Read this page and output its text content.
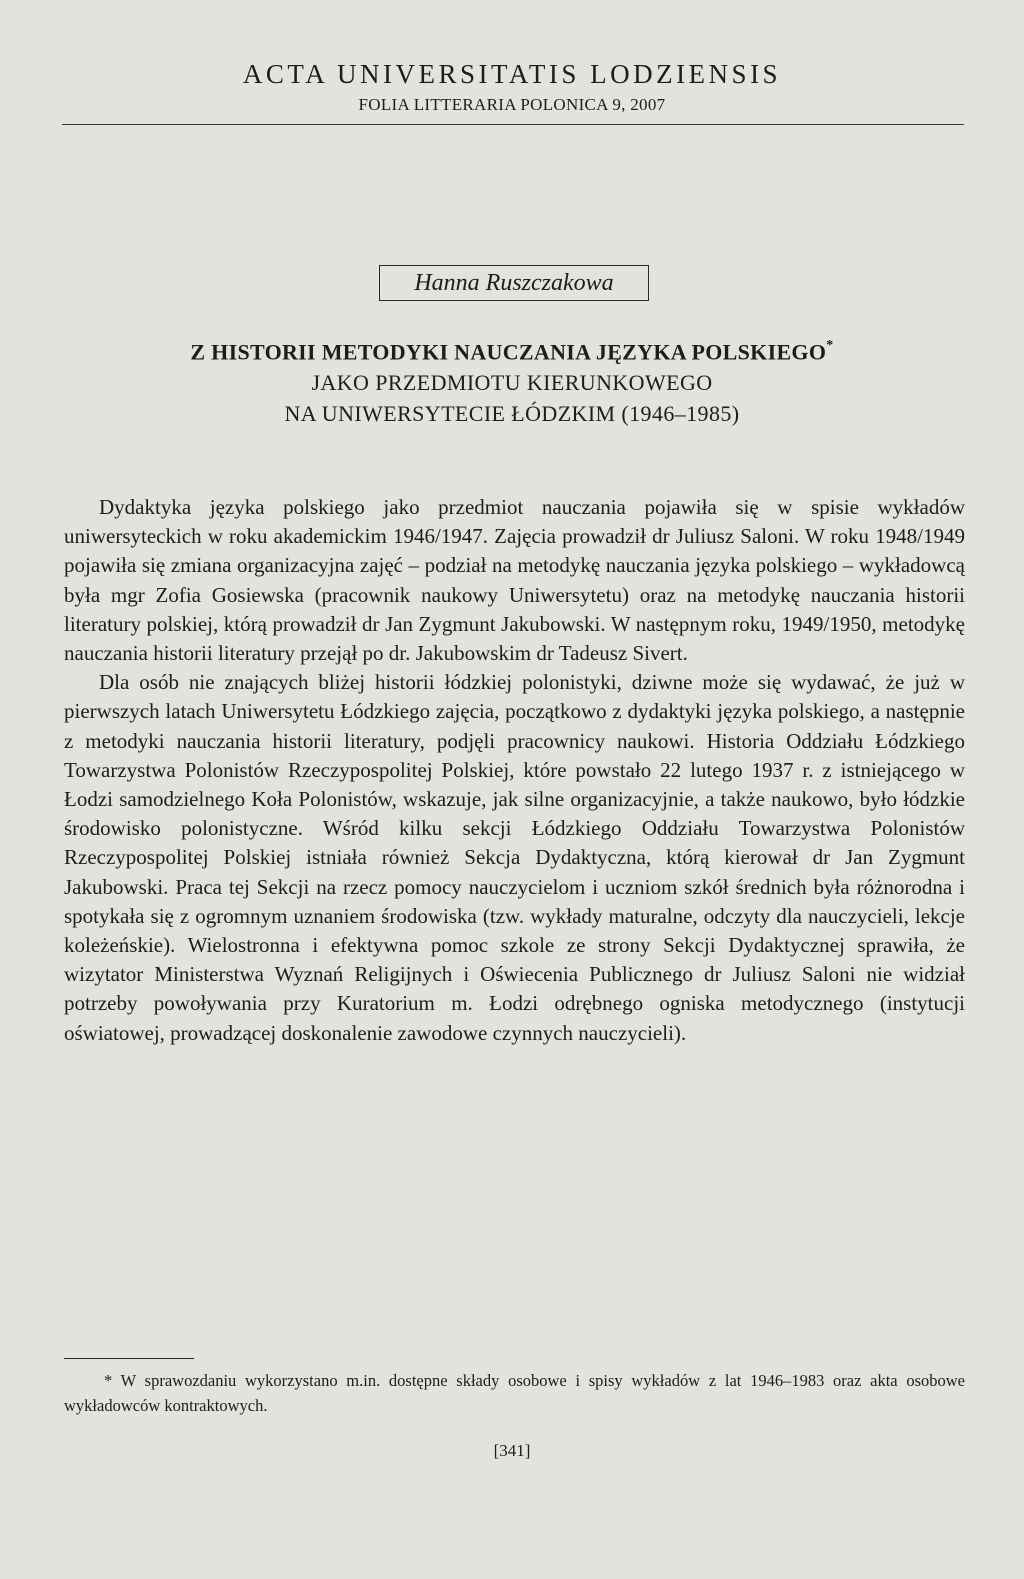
ACTA UNIVERSITATIS LODZIENSIS
FOLIA LITTERARIA POLONICA 9, 2007
Hanna Ruszczakowa
Z HISTORII METODYKI NAUCZANIA JĘZYKA POLSKIEGO*
JAKO PRZEDMIOTU KIERUNKOWEGO
NA UNIWERSYTECIE ŁÓDZKIM (1946–1985)

Dydaktyka języka polskiego jako przedmiot nauczania pojawiła się w spisie wykładów uniwersyteckich w roku akademickim 1946/1947. Zajęcia prowadził dr Juliusz Saloni. W roku 1948/1949 pojawiła się zmiana organizacyjna zajęć – podział na metodykę nauczania języka polskiego – wykładowcą była mgr Zofia Gosiewska (pracownik naukowy Uniwersytetu) oraz na metodykę nauczania historii literatury polskiej, którą prowadził dr Jan Zygmunt Jakubowski. W następnym roku, 1949/1950, metodykę nauczania historii literatury przejął po dr. Jakubowskim dr Tadeusz Sivert.

Dla osób nie znających bliżej historii łódzkiej polonistyki, dziwne może się wydawać, że już w pierwszych latach Uniwersytetu Łódzkiego zajęcia, początkowo z dydaktyki języka polskiego, a następnie z metodyki nauczania historii literatury, podjęli pracownicy naukowi. Historia Oddziału Łódzkiego Towarzystwa Polonistów Rzeczypospolitej Polskiej, które powstało 22 lutego 1937 r. z istniejącego w Łodzi samodzielnego Koła Polonistów, wskazuje, jak silne organizacyjnie, a także naukowo, było łódzkie środowisko polonistyczne. Wśród kilku sekcji Łódzkiego Oddziału Towarzystwa Polonistów Rzeczypospolitej Polskiej istniała również Sekcja Dydaktyczna, którą kierował dr Jan Zygmunt Jakubowski. Praca tej Sekcji na rzecz pomocy nauczycielom i uczniom szkół średnich była różnorodna i spotykała się z ogromnym uznaniem środowiska (tzw. wykłady maturalne, odczyty dla nauczycieli, lekcje koleżeńskie). Wielostronna i efektywna pomoc szkole ze strony Sekcji Dydaktycznej sprawiła, że wizytator Ministerstwa Wyznań Religijnych i Oświecenia Publicznego dr Juliusz Saloni nie widział potrzeby powoływania przy Kuratorium m. Łodzi odrębnego ogniska metodycznego (instytucji oświatowej, prowadzącej doskonalenie zawodowe czynnych nauczycieli).

* W sprawozdaniu wykorzystano m.in. dostępne składy osobowe i spisy wykładów z lat 1946–1983 oraz akta osobowe wykładowców kontraktowych.
[341]
